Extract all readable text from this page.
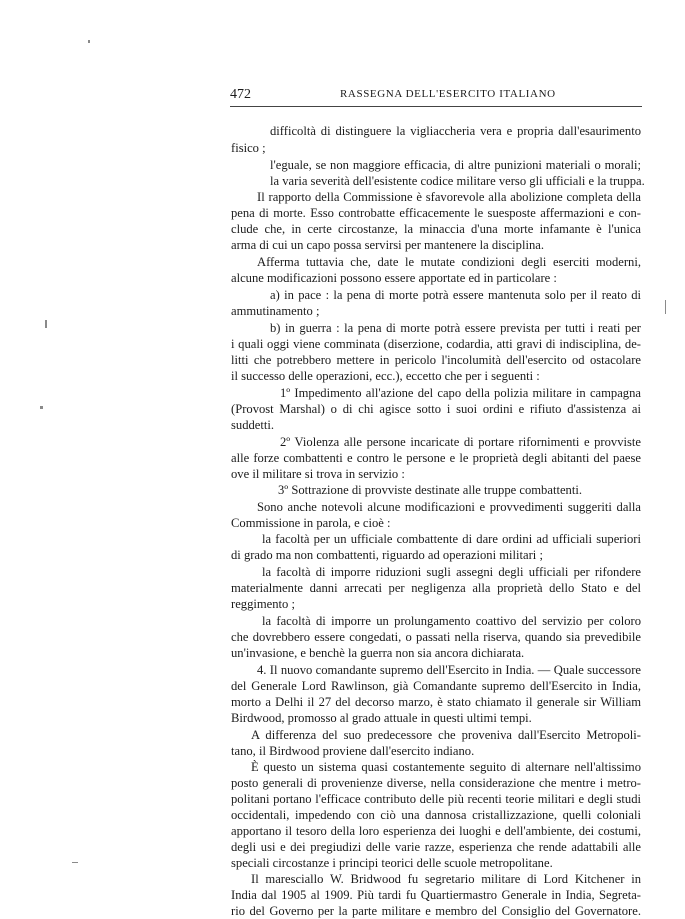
472	RASSEGNA DELL'ESERCITO ITALIANO
difficoltà di distinguere la vigliaccheria vera e propria dall'esaurimento
fisico ;
l'eguale, se non maggiore efficacia, di altre punizioni materiali o morali;
la varia severità dell'esistente codice militare verso gli ufficiali e la truppa.
Il rapporto della Commissione è sfavorevole alla abolizione completa della
pena di morte. Esso controbatte efficacemente le suesposte affermazioni e con-
clude che, in certe circostanze, la minaccia d'una morte infamante è l'unica
arma di cui un capo possa servirsi per mantenere la disciplina.
Afferma tuttavia che, date le mutate condizioni degli eserciti moderni,
alcune modificazioni possono essere apportate ed in particolare :
a) in pace : la pena di morte potrà essere mantenuta solo per il reato di
ammutinamento ;
b) in guerra : la pena di morte potrà essere prevista per tutti i reati per
i quali oggi viene comminata (diserzione, codardia, atti gravi di indisciplina, de-
litti che potrebbero mettere in pericolo l'incolumità dell'esercito od ostacolare
il successo delle operazioni, ecc.), eccetto che per i seguenti :
1º Impedimento all'azione del capo della polizia militare in campagna
(Provost Marshal) o di chi agisce sotto i suoi ordini e rifiuto d'assistenza ai
suddetti.
2º Violenza alle persone incaricate di portare rifornimenti e provviste
alle forze combattenti e contro le persone e le proprietà degli abitanti del paese
ove il militare si trova in servizio :
3º Sottrazione di provviste destinate alle truppe combattenti.
Sono anche notevoli alcune modificazioni e provvedimenti suggeriti dalla
Commissione in parola, e cioè :
la facoltà per un ufficiale combattente di dare ordini ad ufficiali superiori
di grado ma non combattenti, riguardo ad operazioni militari ;
la facoltà di imporre riduzioni sugli assegni degli ufficiali per rifondere
materialmente danni arrecati per negligenza alla proprietà dello Stato e del
reggimento ;
la facoltà di imporre un prolungamento coattivo del servizio per coloro
che dovrebbero essere congedati, o passati nella riserva, quando sia prevedibile
un'invasione, e benchè la guerra non sia ancora dichiarata.
4. Il nuovo comandante supremo dell'Esercito in India. — Quale successore
del Generale Lord Rawlinson, già Comandante supremo dell'Esercito in India,
morto a Delhi il 27 del decorso marzo, è stato chiamato il generale sir William
Birdwood, promosso al grado attuale in questi ultimi tempi.
A differenza del suo predecessore che proveniva dall'Esercito Metropoli-
tano, il Birdwood proviene dall'esercito indiano.
È questo un sistema quasi costantemente seguito di alternare nell'altissimo
posto generali di provenienze diverse, nella considerazione che mentre i metro-
politani portano l'efficace contributo delle più recenti teorie militari e degli studi
occidentali, impedendo con ciò una dannosa cristallizzazione, quelli coloniali
apportano il tesoro della loro esperienza dei luoghi e dell'ambiente, dei costumi,
degli usi e dei pregiudizi delle varie razze, esperienza che rende adattabili alle
speciali circostanze i principi teorici delle scuole metropolitane.
Il maresciallo W. Bridwood fu segretario militare di Lord Kitchener in
India dal 1905 al 1909. Più tardi fu Quartiermastro Generale in India, Segreta-
rio del Governo per la parte militare e membro del Consiglio del Governatore.
